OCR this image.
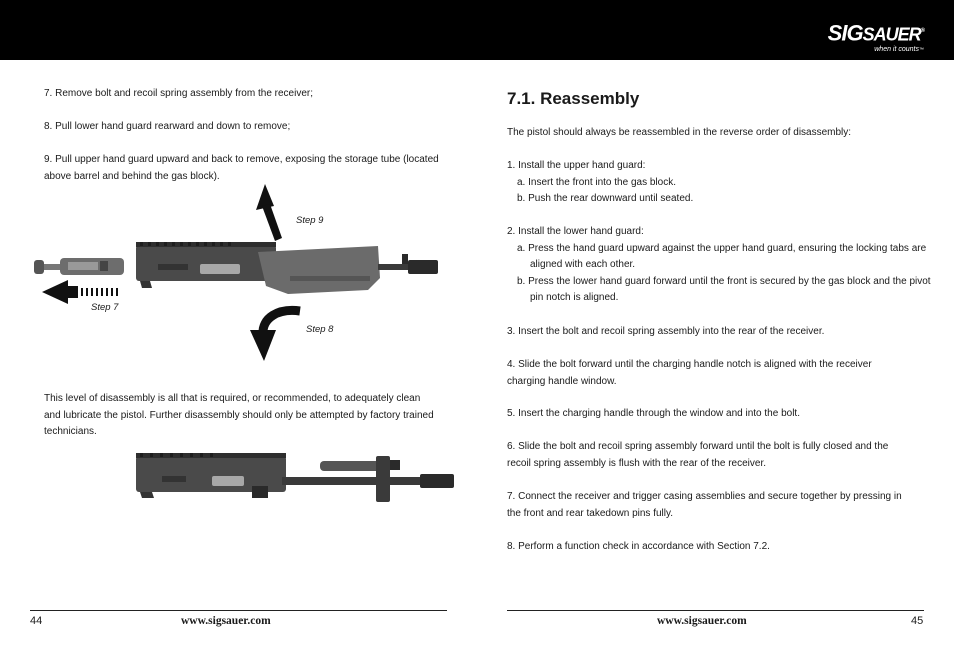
SIGSAUER®
when it counts™

7. Remove bolt and recoil spring assembly from the receiver;

8. Pull lower hand guard rearward and down to remove;

9. Pull upper hand guard upward and back to remove, exposing the storage tube (located above barrel and behind the gas block).

Step 9
Step 7
Step 8

This level of disassembly is all that is required, or recommended, to adequately clean and lubricate the pistol. Further disassembly should only be attempted by factory trained technicians.

44	www.sigsauer.com
7.1. Reassembly

The pistol should always be reassembled in the reverse order of disassembly:

1. Install the upper hand guard:

a. Insert the front into the gas block.

b. Push the rear downward until seated.

2. Install the lower hand guard:

a. Press the hand guard upward against the upper hand guard, ensuring the locking tabs are aligned with each other.

b. Press the lower hand guard forward until the front is secured by the gas block and the pivot pin notch is aligned.

3. Insert the bolt and recoil spring assembly into the rear of the receiver.

4. Slide the bolt forward until the charging handle notch is aligned with the receiver charging handle window.

5. Insert the charging handle through the window and into the bolt.

6. Slide the bolt and recoil spring assembly forward until the bolt is fully closed and the recoil spring assembly is flush with the rear of the receiver.

7. Connect the receiver and trigger casing assemblies and secure together by pressing in the front and rear takedown pins fully.

8. Perform a function check in accordance with Section 7.2.

www.sigsauer.com	45
